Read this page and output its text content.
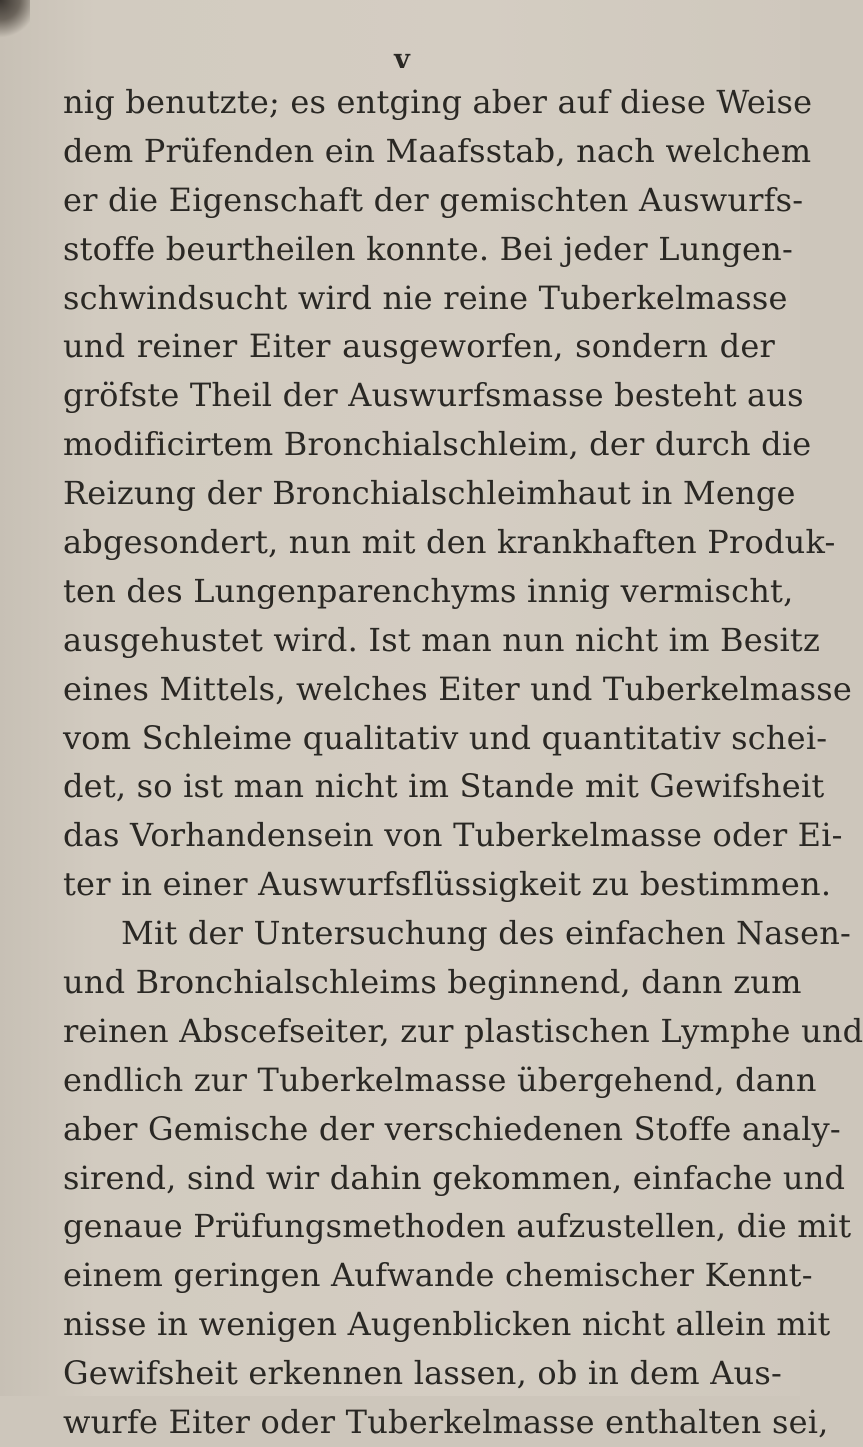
v
nig benutzte; es entging aber auf diese Weise
dem Prüfenden ein Maafsstab, nach welchem
er die Eigenschaft der gemischten Auswurfs-
stoffe beurtheilen konnte. Bei jeder Lungen-
schwindsucht wird nie reine Tuberkelmasse
und reiner Eiter ausgeworfen, sondern der
gröfste Theil der Auswurfsmasse besteht aus
modificirtem Bronchialschleim, der durch die
Reizung der Bronchialschleimhaut in Menge
abgesondert, nun mit den krankhaften Produk-
ten des Lungenparenchyms innig vermischt,
ausgehustet wird. Ist man nun nicht im Besitz
eines Mittels, welches Eiter und Tuberkelmasse
vom Schleime qualitativ und quantitativ schei-
det, so ist man nicht im Stande mit Gewifsheit
das Vorhandensein von Tuberkelmasse oder Ei-
ter in einer Auswurfsflüssigkeit zu bestimmen.
Mit der Untersuchung des einfachen Nasen-
und Bronchialschleims beginnend, dann zum
reinen Abscefseiter, zur plastischen Lymphe und
endlich zur Tuberkelmasse übergehend, dann
aber Gemische der verschiedenen Stoffe analy-
sirend, sind wir dahin gekommen, einfache und
genaue Prüfungsmethoden aufzustellen, die mit
einem geringen Aufwande chemischer Kennt-
nisse in wenigen Augenblicken nicht allein mit
Gewifsheit erkennen lassen, ob in dem Aus-
wurfe Eiter oder Tuberkelmasse enthalten sei,
